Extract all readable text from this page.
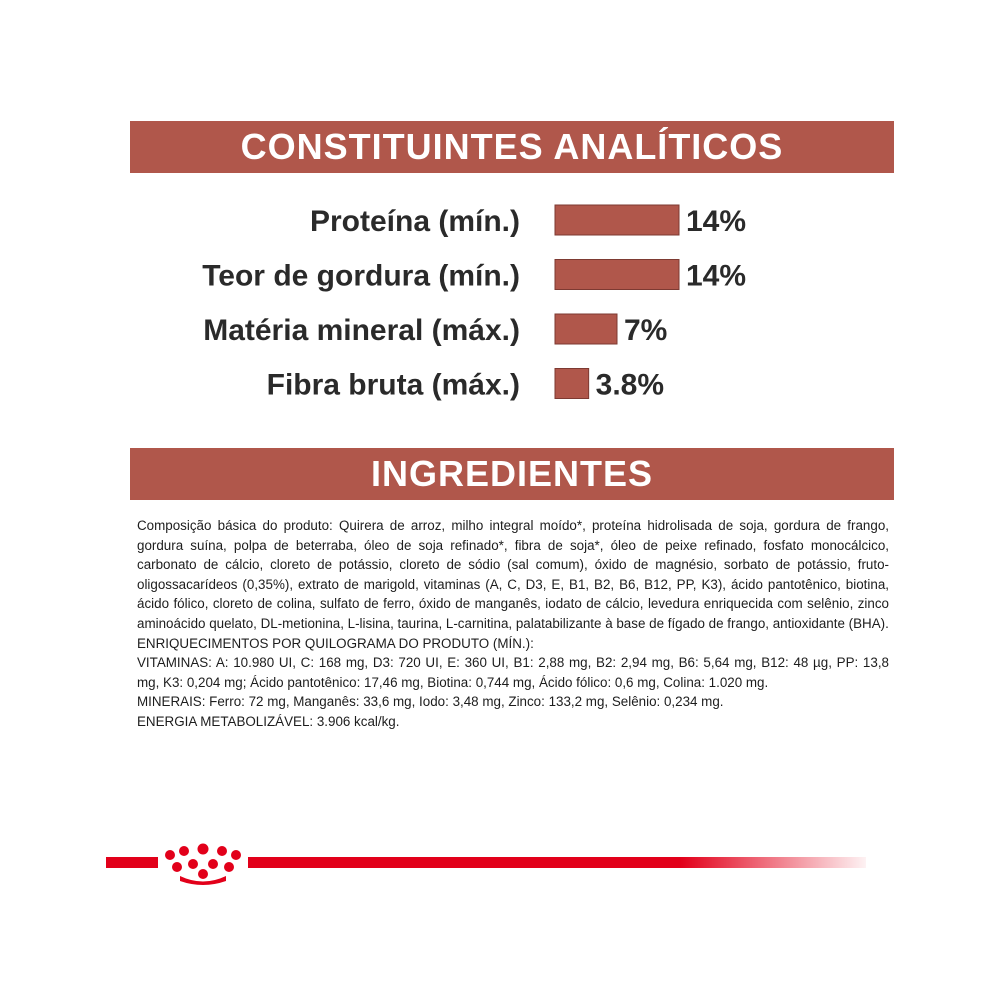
CONSTITUINTES ANALÍTICOS
Proteína (mín.)	14%
Teor de gordura (mín.)	14%
Matéria mineral (máx.)	7%
Fibra bruta (máx.)	3.8%
INGREDIENTES

Composição básica do produto: Quirera de arroz, milho integral moído*, proteína hidrolisada de soja, gordura de frango, gordura suína, polpa de beterraba, óleo de soja refinado*, fibra de soja*, óleo de peixe refinado, fosfato monocálcico, carbonato de cálcio, cloreto de potássio, cloreto de sódio (sal comum), óxido de magnésio, sorbato de potássio, fruto-oligossacarídeos (0,35%), extrato de marigold, vitaminas (A, C, D3, E, B1, B2, B6, B12, PP, K3), ácido pantotênico, biotina, ácido fólico, cloreto de colina, sulfato de ferro, óxido de manganês, iodato de cálcio, levedura enriquecida com selênio, zinco aminoácido quelato, DL-metionina, L-lisina, taurina, L-carnitina, palatabilizante à base de fígado de frango, antioxidante (BHA).

ENRIQUECIMENTOS POR QUILOGRAMA DO PRODUTO (MÍN.):

VITAMINAS: A: 10.980 UI, C: 168 mg, D3: 720 UI, E: 360 UI, B1: 2,88 mg, B2: 2,94 mg, B6: 5,64 mg, B12: 48 µg, PP: 13,8 mg, K3: 0,204 mg; Ácido pantotênico: 17,46 mg, Biotina: 0,744 mg, Ácido fólico: 0,6 mg, Colina: 1.020 mg.

MINERAIS: Ferro: 72 mg, Manganês: 33,6 mg, Iodo: 3,48 mg, Zinco: 133,2 mg, Selênio: 0,234 mg.

ENERGIA METABOLIZÁVEL: 3.906 kcal/kg.
